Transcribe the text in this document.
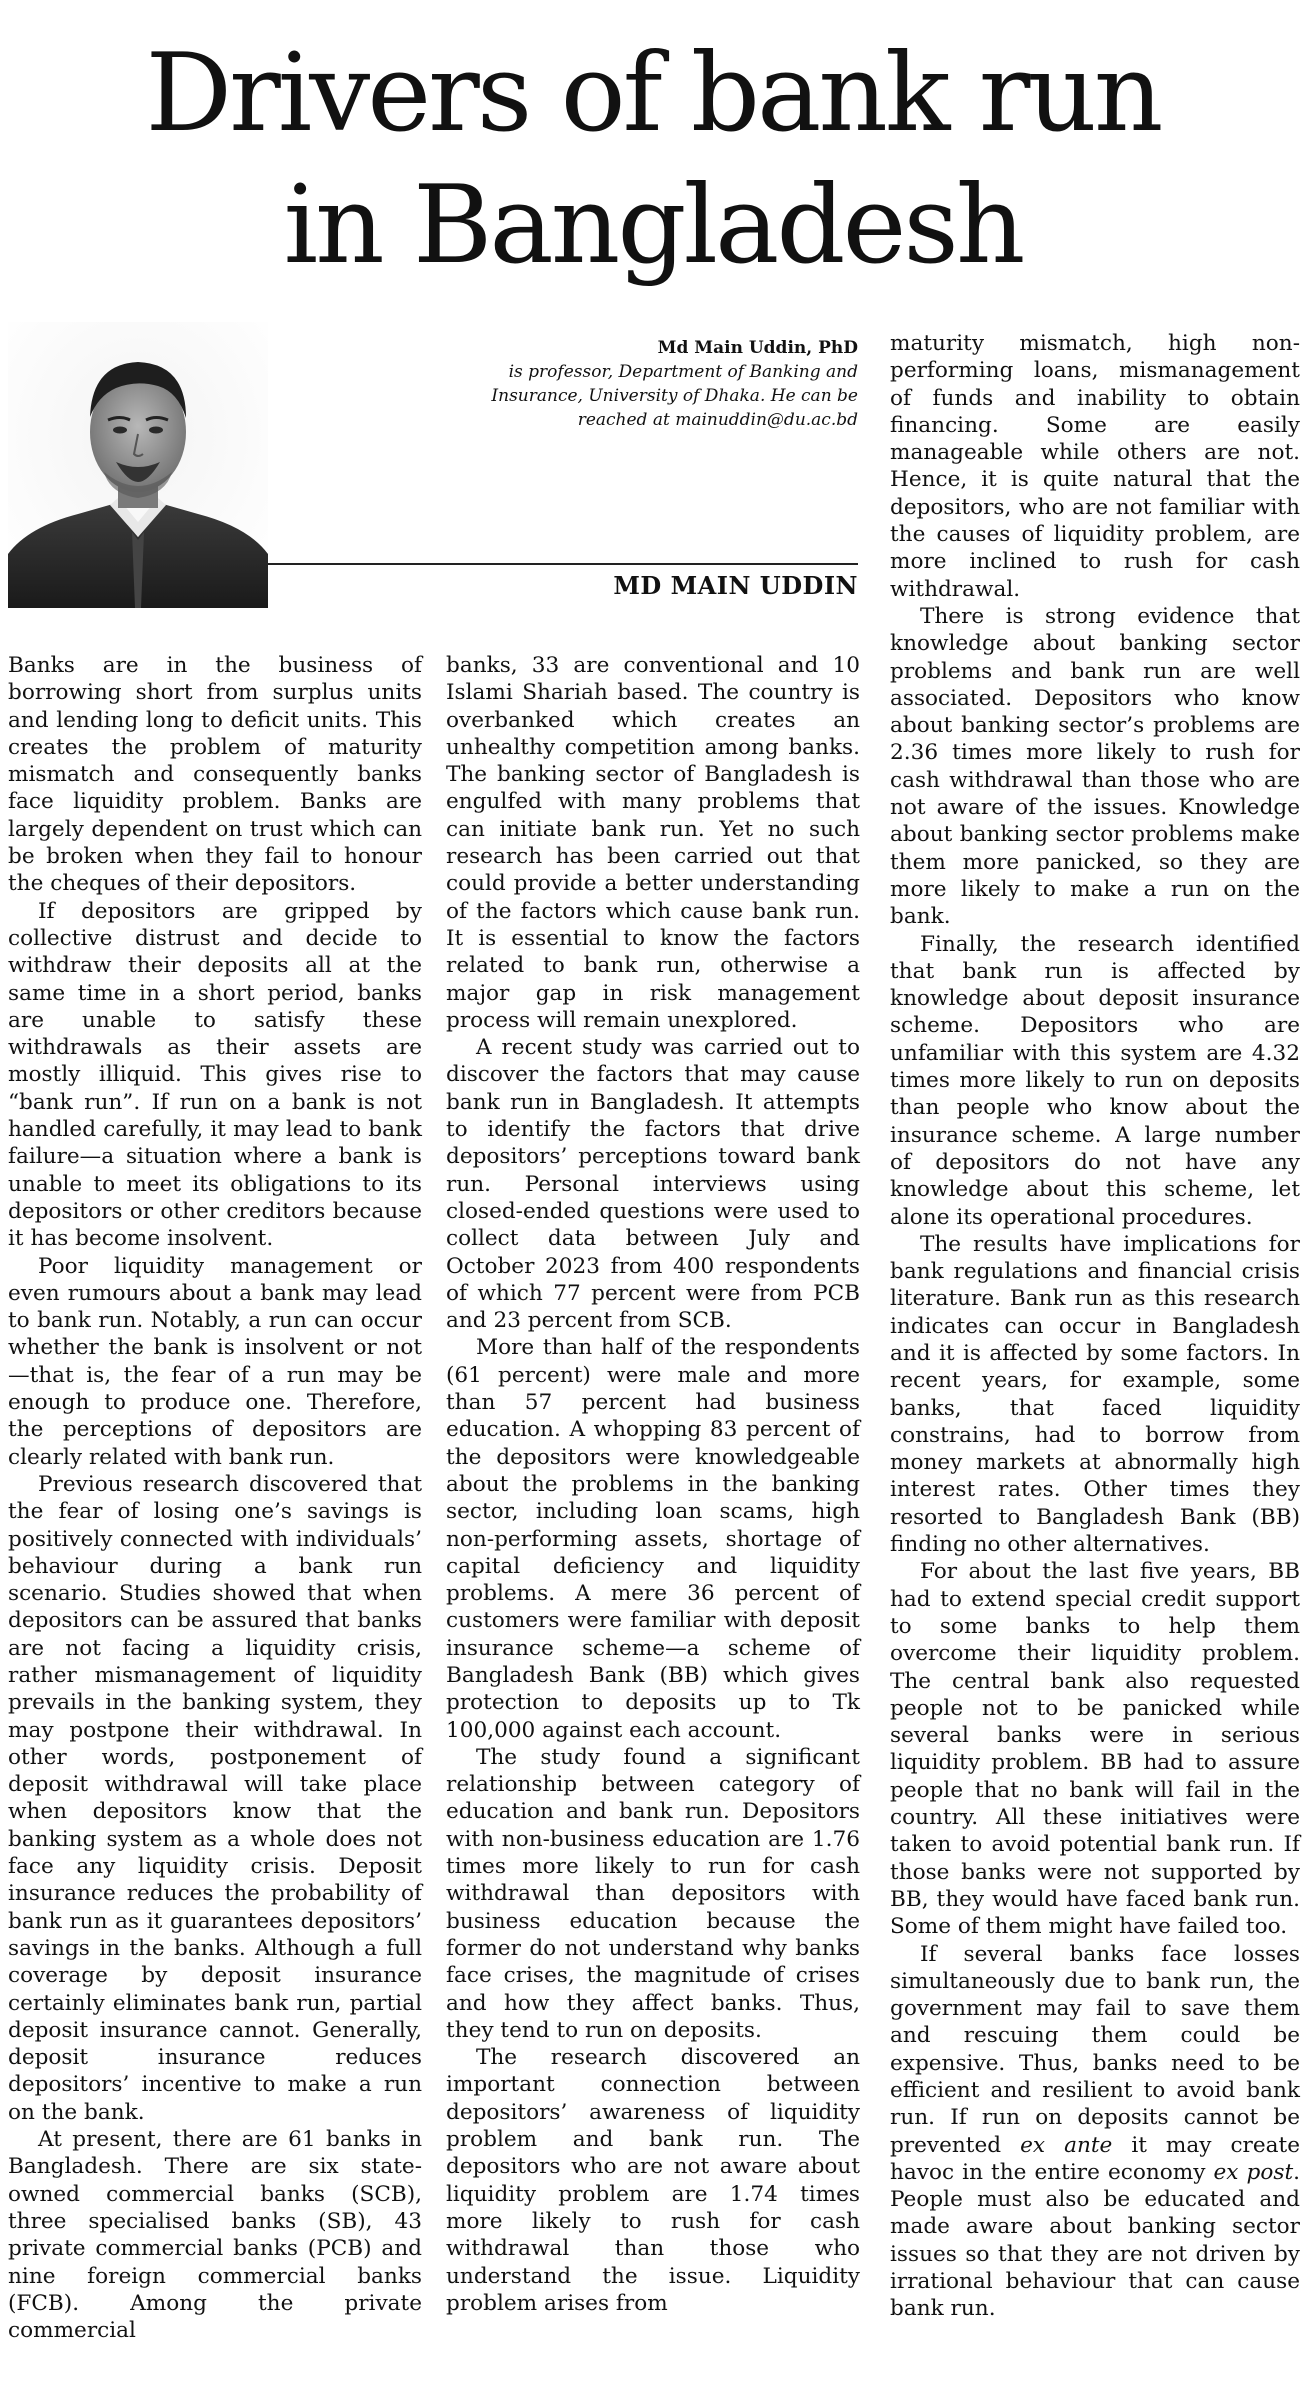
Drivers of bank run
in Bangladesh
Md Main Uddin, PhD
is professor, Department of Banking and
Insurance, University of Dhaka. He can be
reached at mainuddin@du.ac.bd
MD MAIN UDDIN

Banks are in the business of borrowing short from surplus units and lending long to deficit units. This creates the problem of maturity mismatch and consequently banks face liquidity problem. Banks are largely dependent on trust which can be broken when they fail to honour the cheques of their depositors.

If depositors are gripped by collective distrust and decide to withdraw their deposits all at the same time in a short period, banks are unable to satisfy these withdrawals as their assets are mostly illiquid. This gives rise to “bank run”. If run on a bank is not handled carefully, it may lead to bank failure—a situation where a bank is unable to meet its obligations to its depositors or other creditors because it has become insolvent.

Poor liquidity management or even rumours about a bank may lead to bank run. Notably, a run can occur whether the bank is insolvent or not—that is, the fear of a run may be enough to produce one. Therefore, the perceptions of depositors are clearly related with bank run.

Previous research discovered that the fear of losing one’s savings is positively connected with individuals’ behaviour during a bank run scenario. Studies showed that when depositors can be assured that banks are not facing a liquidity crisis, rather mismanagement of liquidity prevails in the banking system, they may postpone their withdrawal. In other words, postponement of deposit withdrawal will take place when depositors know that the banking system as a whole does not face any liquidity crisis. Deposit insurance reduces the probability of bank run as it guarantees depositors’ savings in the banks. Although a full coverage by deposit insurance certainly eliminates bank run, partial deposit insurance cannot. Generally, deposit insurance reduces depositors’ incentive to make a run on the bank.

At present, there are 61 banks in Bangladesh. There are six state-owned commercial banks (SCB), three specialised banks (SB), 43 private commercial banks (PCB) and nine foreign commercial banks (FCB). Among the private commercial

banks, 33 are conventional and 10 Islami Shariah based. The country is overbanked which creates an unhealthy competition among banks. The banking sector of Bangladesh is engulfed with many problems that can initiate bank run. Yet no such research has been carried out that could provide a better understanding of the factors which cause bank run. It is essential to know the factors related to bank run, otherwise a major gap in risk management process will remain unexplored.

A recent study was carried out to discover the factors that may cause bank run in Bangladesh. It attempts to identify the factors that drive depositors’ perceptions toward bank run. Personal interviews using closed-ended questions were used to collect data between July and October 2023 from 400 respondents of which 77 percent were from PCB and 23 percent from SCB.

More than half of the respondents (61 percent) were male and more than 57 percent had business education. A whopping 83 percent of the depositors were knowledgeable about the problems in the banking sector, including loan scams, high non-performing assets, shortage of capital deficiency and liquidity problems. A mere 36 percent of customers were familiar with deposit insurance scheme—a scheme of Bangladesh Bank (BB) which gives protection to deposits up to Tk 100,000 against each account.

The study found a significant relationship between category of education and bank run. Depositors with non-business education are 1.76 times more likely to run for cash withdrawal than depositors with business education because the former do not understand why banks face crises, the magnitude of crises and how they affect banks. Thus, they tend to run on deposits.

The research discovered an important connection between depositors’ awareness of liquidity problem and bank run. The depositors who are not aware about liquidity problem are 1.74 times more likely to rush for cash withdrawal than those who understand the issue. Liquidity problem arises from

maturity mismatch, high non-performing loans, mismanagement of funds and inability to obtain financing. Some are easily manageable while others are not. Hence, it is quite natural that the depositors, who are not familiar with the causes of liquidity problem, are more inclined to rush for cash withdrawal.

There is strong evidence that knowledge about banking sector problems and bank run are well associated. Depositors who know about banking sector’s problems are 2.36 times more likely to rush for cash withdrawal than those who are not aware of the issues. Knowledge about banking sector problems make them more panicked, so they are more likely to make a run on the bank.

Finally, the research identified that bank run is affected by knowledge about deposit insurance scheme. Depositors who are unfamiliar with this system are 4.32 times more likely to run on deposits than people who know about the insurance scheme. A large number of depositors do not have any knowledge about this scheme, let alone its operational procedures.

The results have implications for bank regulations and financial crisis literature. Bank run as this research indicates can occur in Bangladesh and it is affected by some factors. In recent years, for example, some banks, that faced liquidity constrains, had to borrow from money markets at abnormally high interest rates. Other times they resorted to Bangladesh Bank (BB) finding no other alternatives.

For about the last five years, BB had to extend special credit support to some banks to help them overcome their liquidity problem. The central bank also requested people not to be panicked while several banks were in serious liquidity problem. BB had to assure people that no bank will fail in the country. All these initiatives were taken to avoid potential bank run. If those banks were not supported by BB, they would have faced bank run. Some of them might have failed too.

If several banks face losses simultaneously due to bank run, the government may fail to save them and rescuing them could be expensive. Thus, banks need to be efficient and resilient to avoid bank run. If run on deposits cannot be prevented ex ante it may create havoc in the entire economy ex post. People must also be educated and made aware about banking sector issues so that they are not driven by irrational behaviour that can cause bank run.
